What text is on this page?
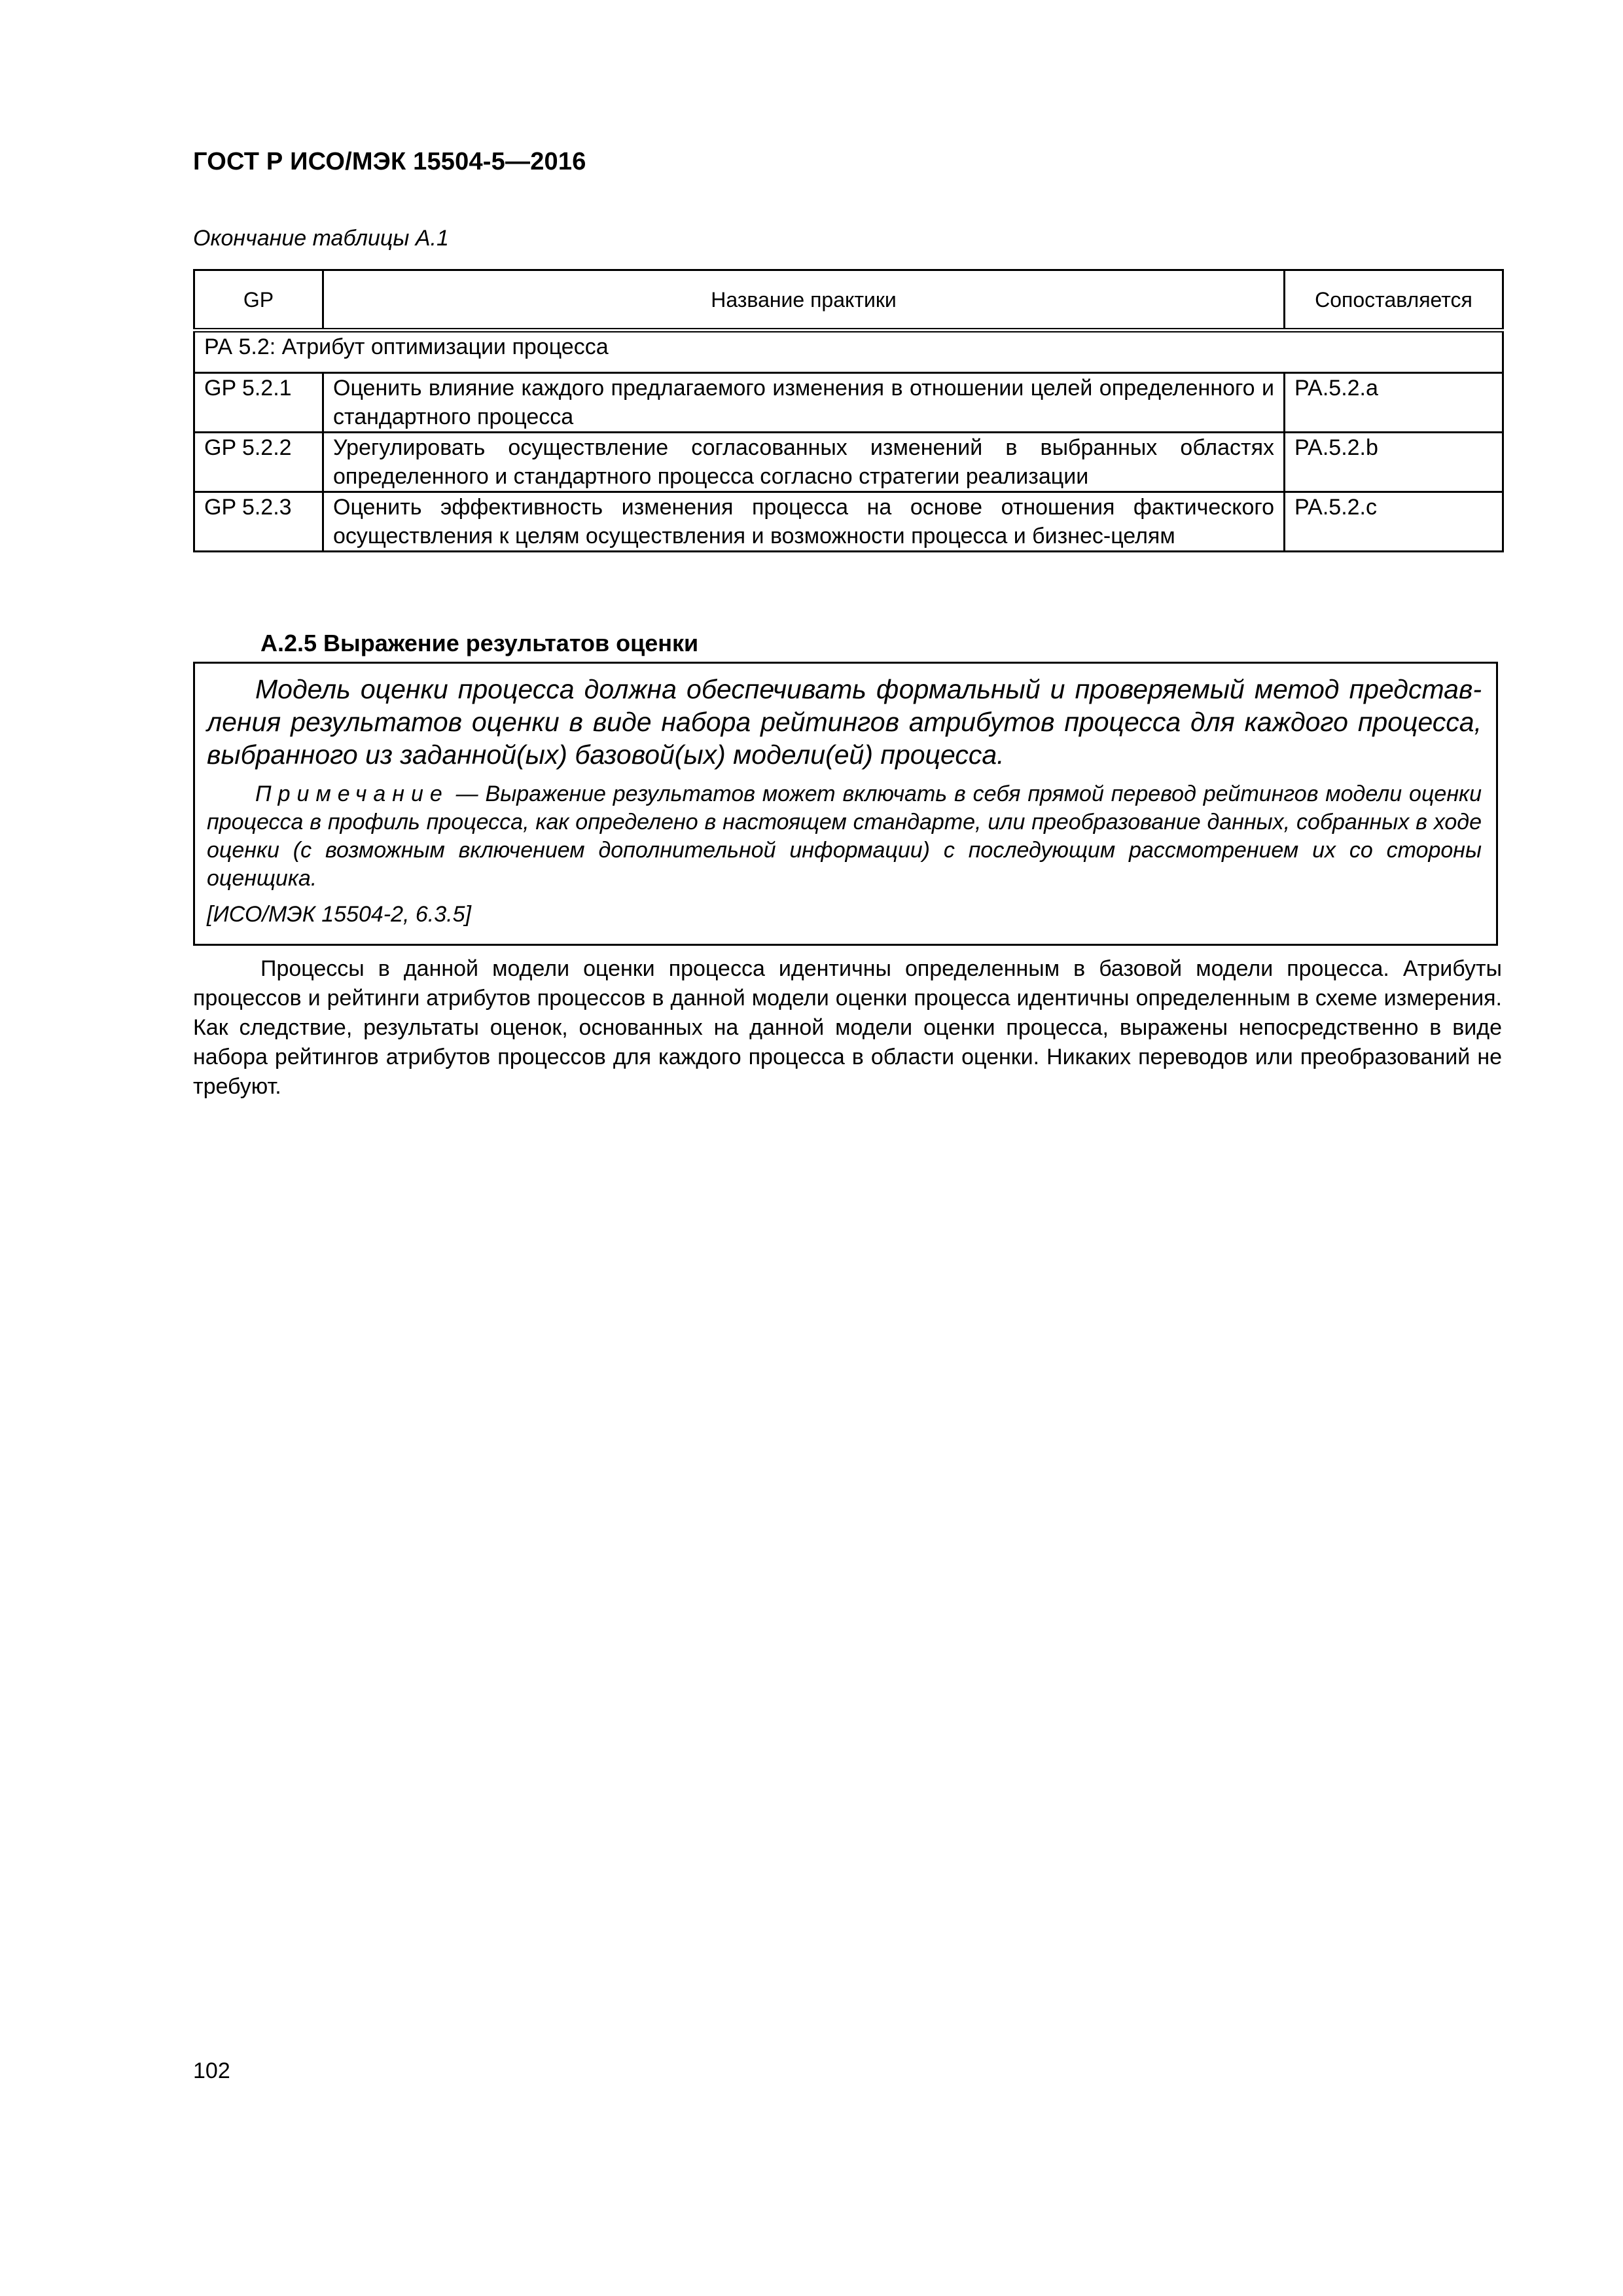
ГОСТ Р ИСО/МЭК 15504-5—2016
Окончание таблицы А.1
GP	Название практики	Сопоставляется
РА 5.2: Атрибут оптимизации процесса		
GP 5.2.1	Оценить влияние каждого предлагаемого изменения в отношении целей определенного и стандартного процесса	PA.5.2.a
GP 5.2.2	Урегулировать осуществление согласованных изменений в выбранных областях определенного и стандартного процесса согласно стратегии реализации	PA.5.2.b
GP 5.2.3	Оценить эффективность изменения процесса на основе отношения фактического осуществления к целям осуществления и возможности процесса и бизнес-целям	PA.5.2.c
А.2.5 Выражение результатов оценки

Модель оценки процесса должна обеспечивать формальный и проверяемый метод представления результатов оценки в виде набора рейтингов атрибутов процесса для каждого процесса, выбранного из заданной(ых) базовой(ых) модели(ей) процесса.

Примечание — Выражение результатов может включать в себя прямой перевод рейтингов модели оценки процесса в профиль процесса, как определено в настоящем стандарте, или преобразование данных, собранных в ходе оценки (с возможным включением дополнительной информации) с последующим рассмотрением их со стороны оценщика.

[ИСО/МЭК 15504-2, 6.3.5]

Процессы в данной модели оценки процесса идентичны определенным в базовой модели процесса. Атрибуты процессов и рейтинги атрибутов процессов в данной модели оценки процесса идентичны определенным в схеме измерения. Как следствие, результаты оценок, основанных на данной модели оценки процесса, выражены непосредственно в виде набора рейтингов атрибутов процессов для каждого процесса в области оценки. Никаких переводов или преобразований не требуют.

102
